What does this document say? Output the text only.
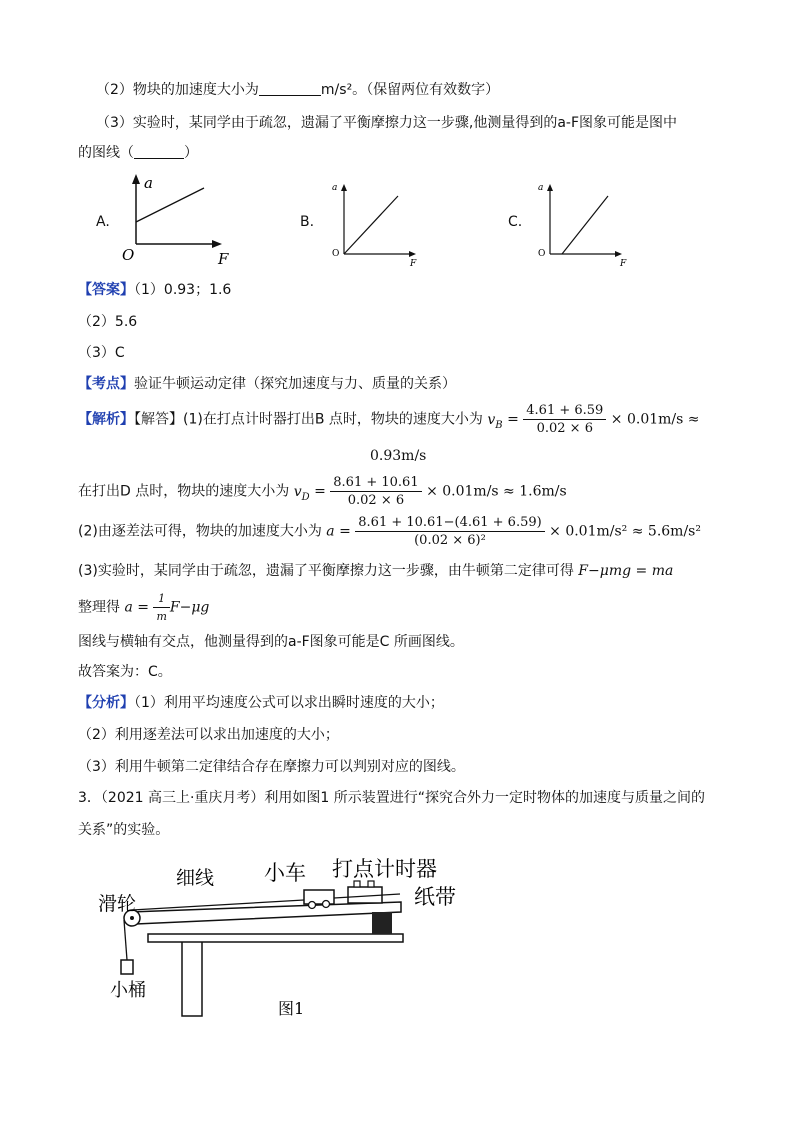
（2）物块的加速度大小为	m/s²。（保留两位有效数字）
（3）实验时，某同学由于疏忽，遗漏了平衡摩擦力这一步骤,他测量得到的a-F图象可能是图中
的图线（	）
A.
a
O	F
B.
a
O
F
C.
a
O
F
【答案】（1）0.93；1.6
（2）5.6
（3）C
【考点】验证牛顿运动定律（探究加速度与力、质量的关系）
【解析】【解答】(1)在打点计时器打出B 点时，物块的速度大小为 $v_B = \frac{4.61 + 6.59}{0.02 \times 6} \times 0.01m/s$ ≈
0.93m/s
在打出D 点时，物块的速度大小为 $v_D = \frac{8.61 + 10.61}{0.02 \times 6} \times 0.01m/s \approx 1.6m/s$
(2)由逐差法可得，物块的加速度大小为 $a = \frac{8.61 + 10.61-(4.61 + 6.59)}{\text{(0.02 × 6)²}} \times 0.01m/s^2 \approx 5.6m/s^2$
(3)实验时，某同学由于疏忽，遗漏了平衡摩擦力这一步骤，由牛顿第二定律可得 F−μmg = ma
整理得 $a = \frac{1}{m} F-\mu g$
图线与横轴有交点，他测量得到的a-F图象可能是C 所画图线。
故答案为：C。
【分析】（1）利用平均速度公式可以求出瞬时速度的大小；
（2）利用逐差法可以求出加速度的大小；
（3）利用牛顿第二定律结合存在摩擦力可以判别对应的图线。
3．（2021 高三上·重庆月考）利用如图1 所示装置进行“探究合外力一定时物体的加速度与质量之间的
关系”的实验。
滑轮
细线 小车 打点计时器
纸带
小桶
图1
